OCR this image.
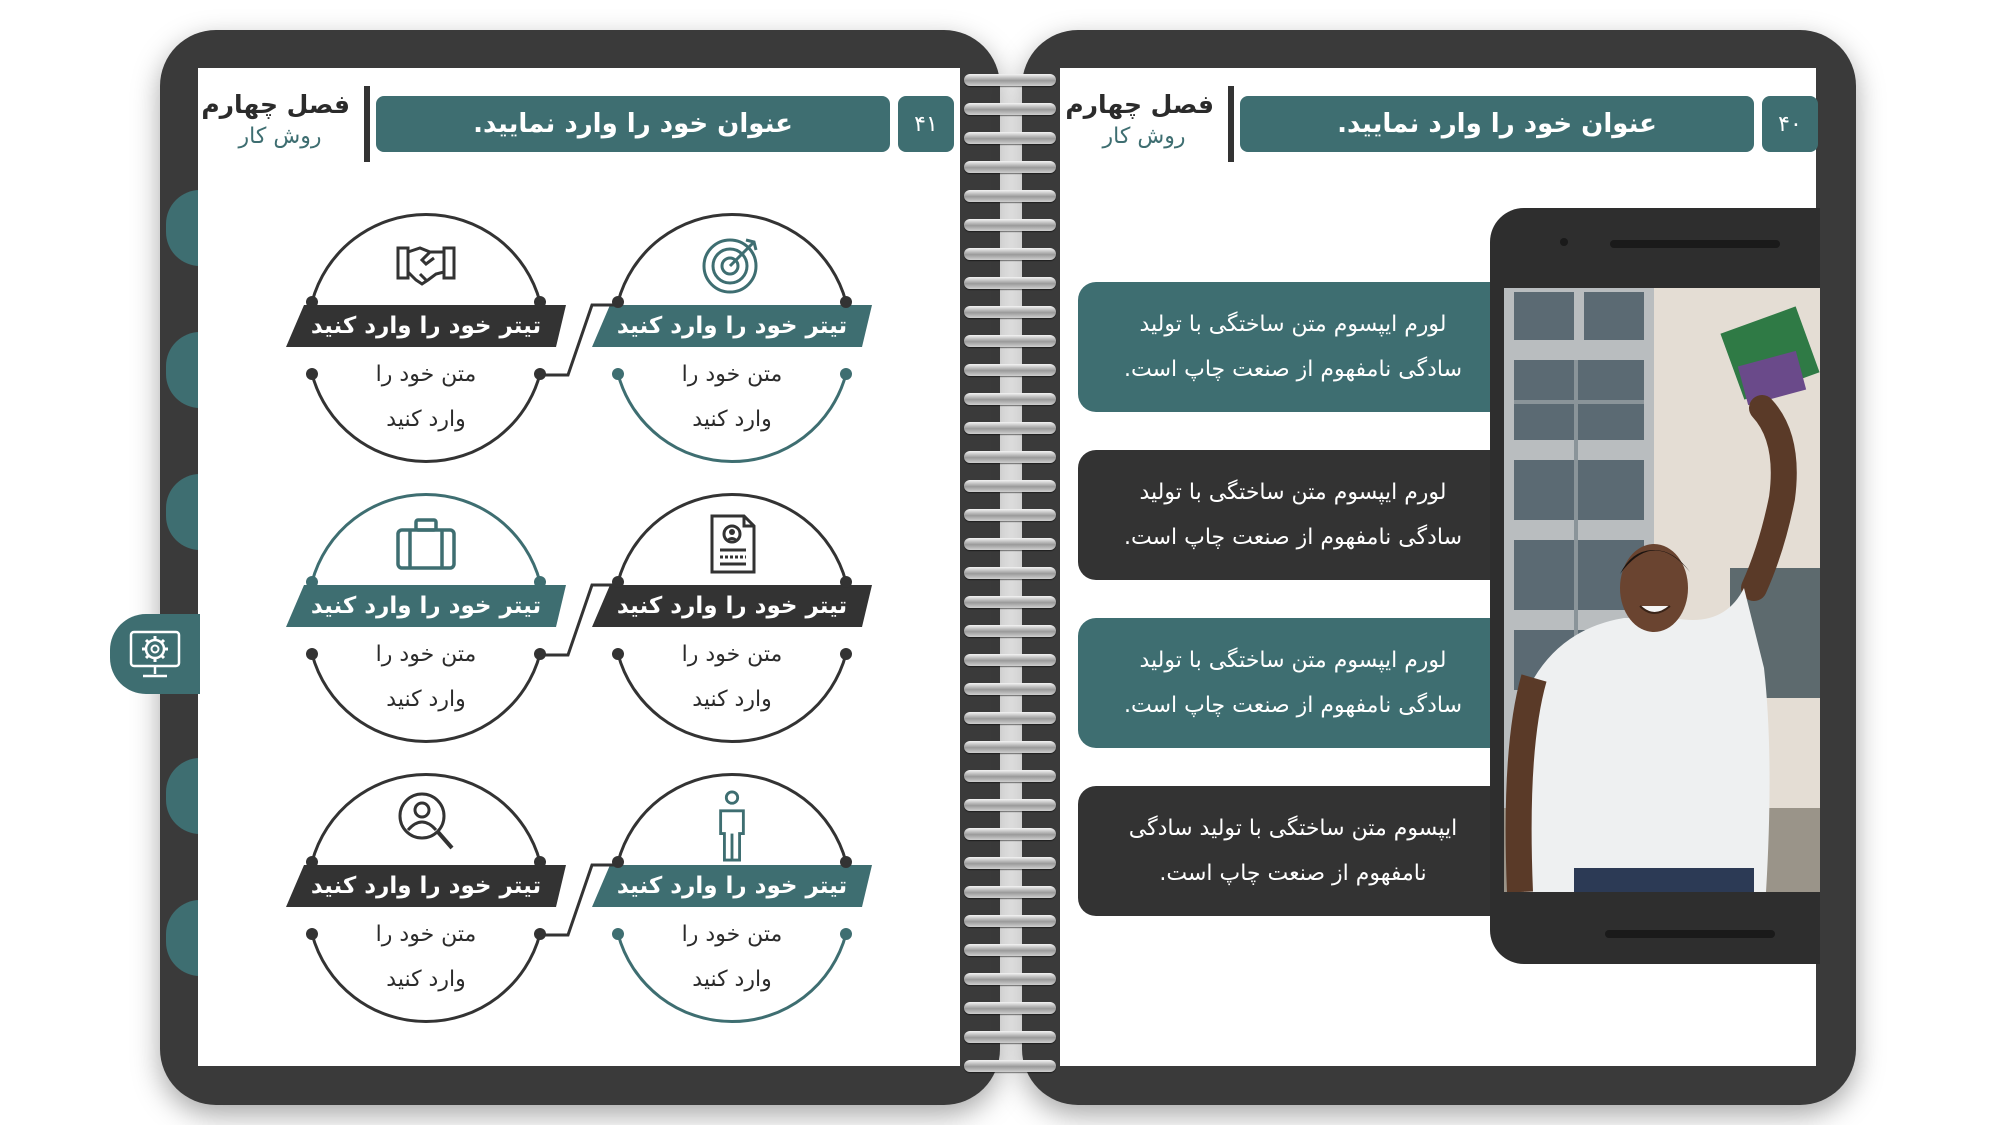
فصل چهارم
روش کار	عنوان خود را وارد نمایید.	۴۱
فصل چهارم
روش کار	عنوان خود را وارد نمایید.	۴۰
تیتر خود را وارد کنید
متن خود را
وارد کنید
تیتر خود را وارد کنید
متن خود را
وارد کنید
تیتر خود را وارد کنید
متن خود را
وارد کنید
تیتر خود را وارد کنید
متن خود را
وارد کنید
تیتر خود را وارد کنید
متن خود را
وارد کنید
تیتر خود را وارد کنید
متن خود را
وارد کنید
لورم ایپسوم متن ساختگی با تولید
سادگی نامفهوم از صنعت چاپ است.
لورم ایپسوم متن ساختگی با تولید
سادگی نامفهوم از صنعت چاپ است.
لورم ایپسوم متن ساختگی با تولید
سادگی نامفهوم از صنعت چاپ است.
ایپسوم متن ساختگی با تولید سادگی
نامفهوم از صنعت چاپ است.
